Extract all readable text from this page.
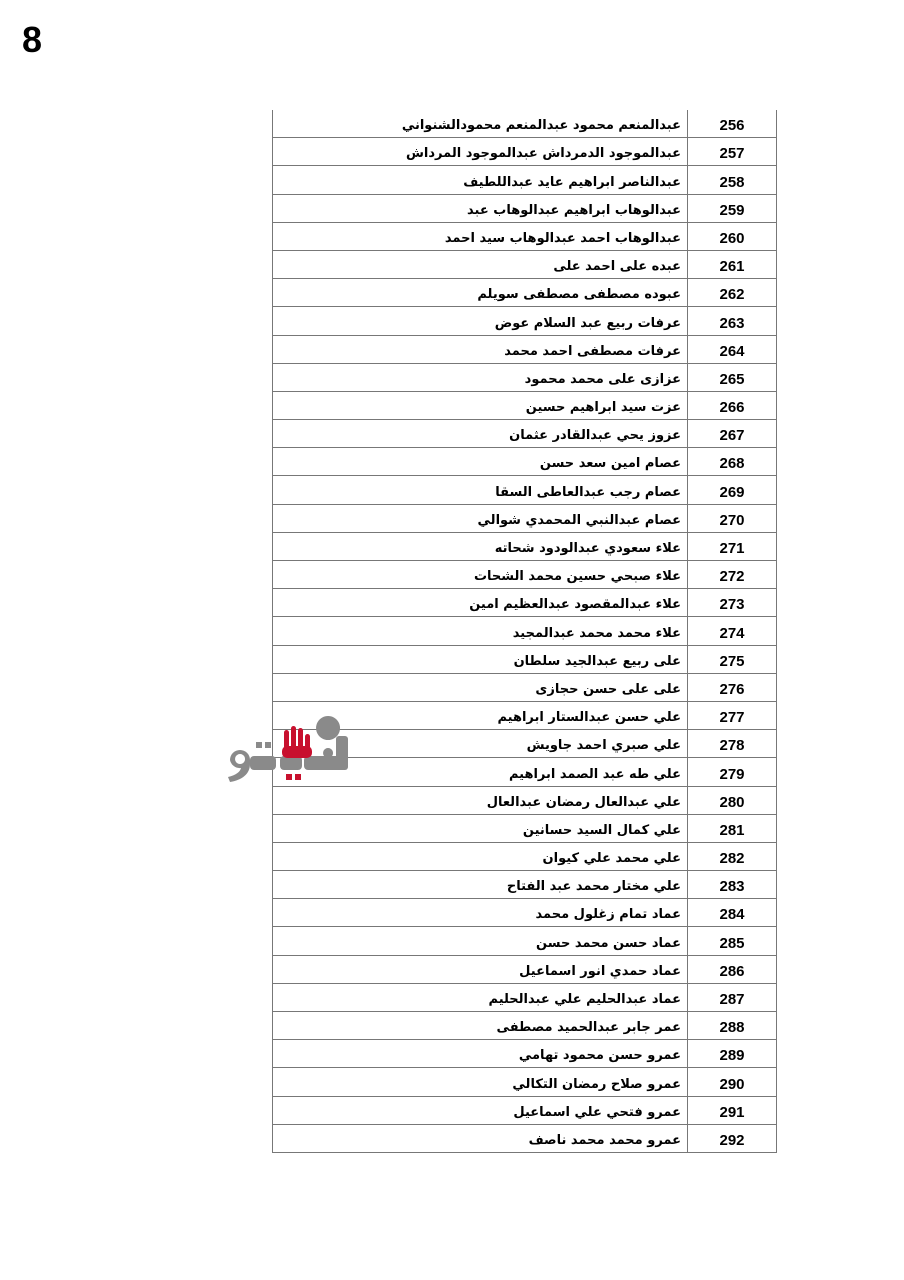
8
عبدالمنعم محمود عبدالمنعم محمودالشنواني	256

عبدالموجود الدمرداش عبدالموجود المرداش	257

عبدالناصر ابراهيم عايد عبداللطيف	258

عبدالوهاب ابراهيم عبدالوهاب عبد	259

عبدالوهاب احمد عبدالوهاب سيد احمد	260

عبده على احمد على	261

عبوده مصطفى مصطفى سويلم	262

عرفات ربيع عبد السلام عوض	263

عرفات مصطفى احمد محمد	264

عزازى على محمد محمود	265

عزت سيد ابراهيم حسين	266

عزوز يحي عبدالقادر عثمان	267

عصام امين سعد حسن	268

عصام رجب عبدالعاطى السقا	269

عصام عبدالنبي المحمدي شوالي	270

علاء سعودي عبدالودود شحاته	271

علاء صبحي حسين محمد الشحات	272

علاء عبدالمقصود عبدالعظيم امين	273

علاء محمد محمد عبدالمجيد	274

على ربيع عبدالجيد سلطان	275

على على حسن حجازى	276

علي حسن عبدالستار ابراهيم	277

علي صبري احمد جاويش	278

علي طه عبد الصمد ابراهيم	279

علي عبدالعال رمضان عبدالعال	280

علي كمال السيد حسانين	281

علي محمد علي كيوان	282

علي مختار محمد عبد الفتاح	283

عماد تمام زغلول محمد	284

عماد حسن محمد حسن	285

عماد حمدي انور اسماعيل	286

عماد عبدالحليم علي عبدالحليم	287

عمر جابر عبدالحميد مصطفى	288

عمرو حسن محمود تهامي	289

عمرو صلاح رمضان التكالي	290

عمرو فتحي علي اسماعيل	291

عمرو محمد محمد ناصف	292
